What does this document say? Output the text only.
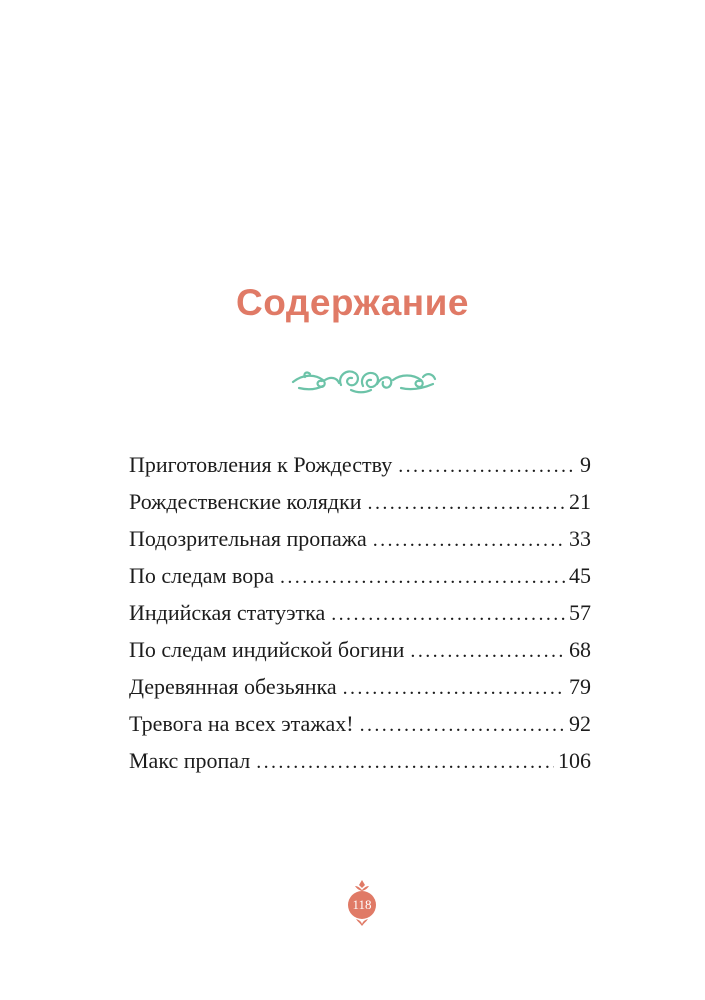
Содержание
Приготовления к Рождеству .....	9
Рождественские колядки .....	21
Подозрительная пропажа .....	33
По следам вора .....	45
Индийская статуэтка .....	57
По следам индийской богини .....	68
Деревянная обезьянка .....	79
Тревога на всех этажах! .....	92
Макс пропал .....	106
118
